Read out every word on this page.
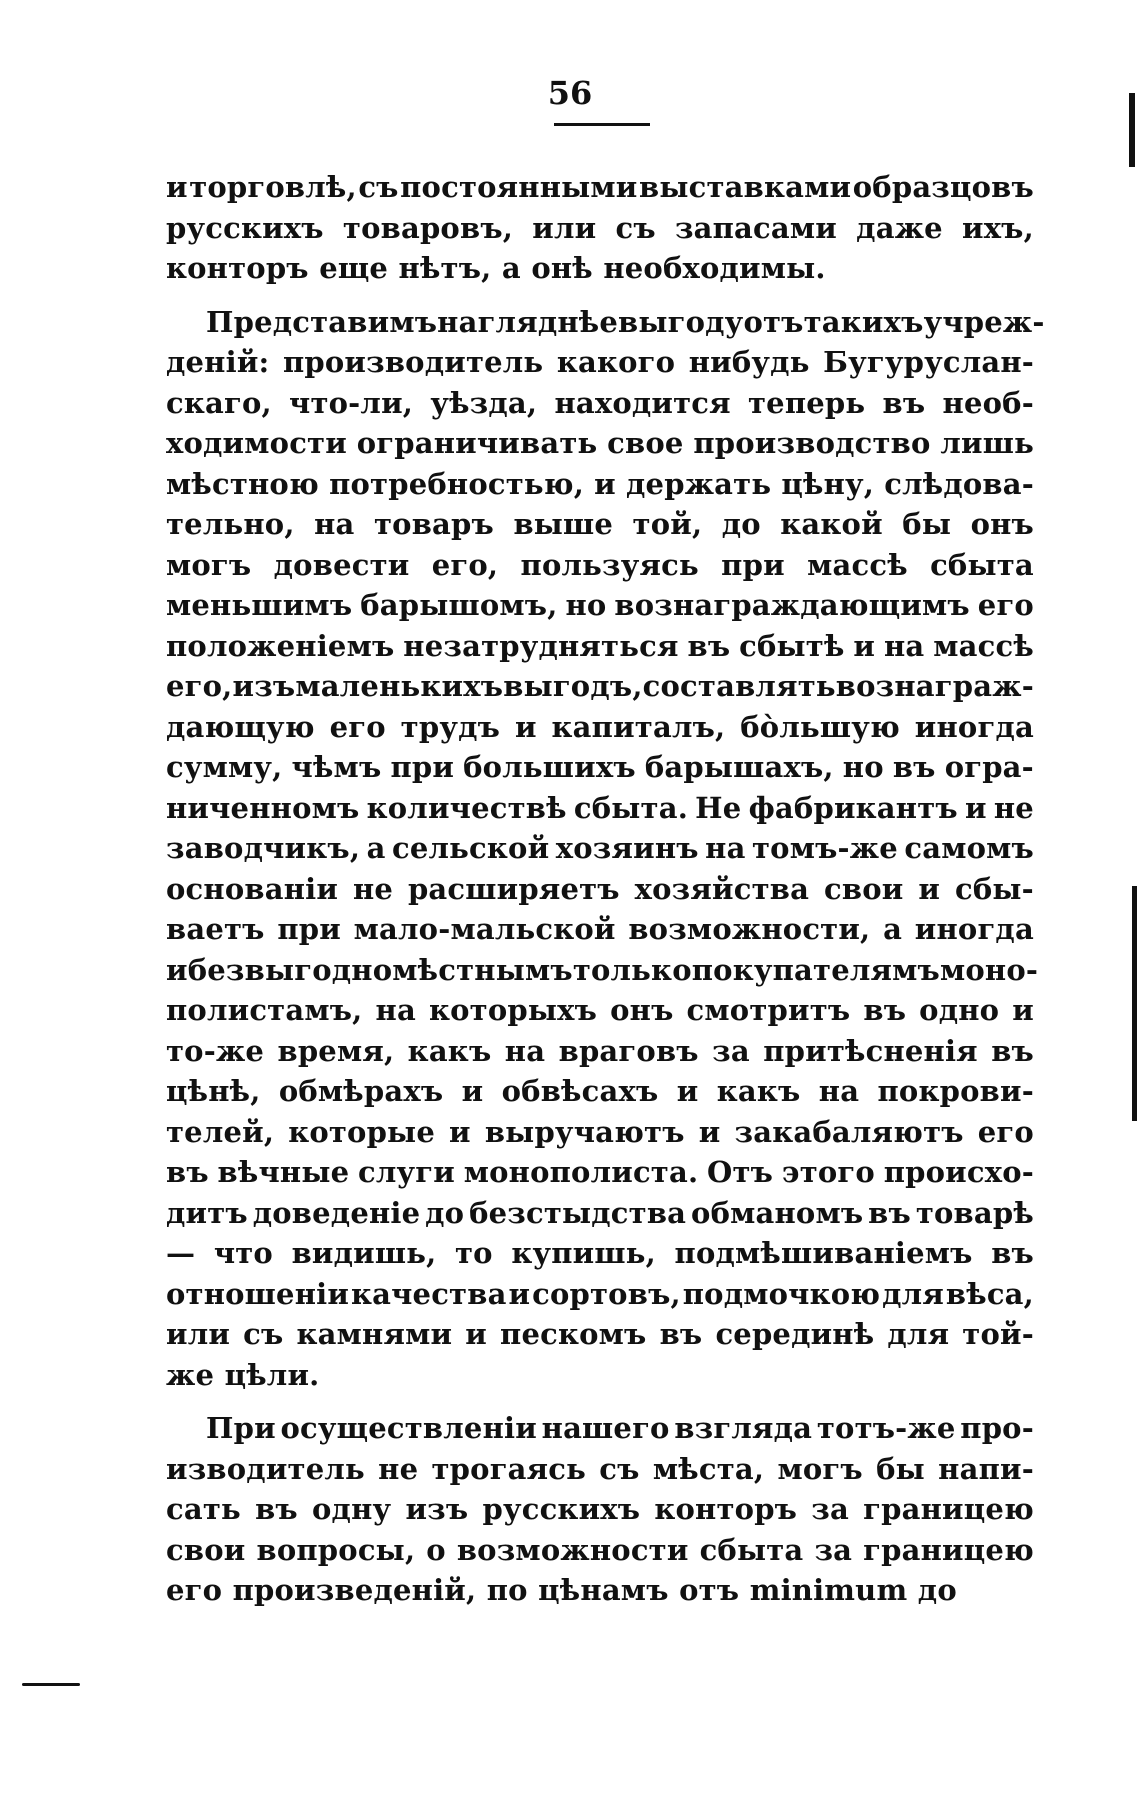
56
и торговлѣ, съ постоянными выставками образцовъ
русскихъ товаровъ, или съ запасами даже ихъ,
конторъ еще нѣтъ, а онѣ необходимы.
Представимъ нагляднѣе выгоду отъ такихъ учреж-
деній: производитель какого нибудь Бугуруслан-
скаго, что-ли, уѣзда, находится теперь въ необ-
ходимости ограничивать свое производство лишь
мѣстною потребностью, и держать цѣну, слѣдова-
тельно, на товаръ выше той, до какой бы онъ
могъ довести его, пользуясь при массѣ сбыта
меньшимъ барышомъ, но вознаграждающимъ его
положеніемъ незатрудняться въ сбытѣ и на массѣ
его, изъ маленькихъ выгодъ, составлять вознаграж-
дающую его трудъ и капиталъ, бо̀льшую иногда
сумму, чѣмъ при большихъ барышахъ, но въ огра-
ниченномъ количествѣ сбыта. Не фабрикантъ и не
заводчикъ, а сельской хозяинъ на томъ-же самомъ
основаніи не расширяетъ хозяйства свои и сбы-
ваетъ при мало-мальской возможности, а иногда
и безвыгодно мѣстнымъ только покупателямъ моно-
полистамъ, на которыхъ онъ смотритъ въ одно и
то-же время, какъ на враговъ за притѣсненія въ
цѣнѣ, обмѣрахъ и обвѣсахъ и какъ на покрови-
телей, которые и выручаютъ и закабаляютъ его
въ вѣчные слуги монополиста. Отъ этого происхо-
дитъ доведеніе до безстыдства обманомъ въ товарѣ
— что видишь, то купишь, подмѣшиваніемъ въ
отношеніи качества и сортовъ, подмочкою для вѣса,
или съ камнями и пескомъ въ серединѣ для той-
же цѣли.
При осуществленіи нашего взгляда тотъ-же про-
изводитель не трогаясь съ мѣста, могъ бы напи-
сать въ одну изъ русскихъ конторъ за границею
свои вопросы, о возможности сбыта за границею
его произведеній, по цѣнамъ отъ minimum до
